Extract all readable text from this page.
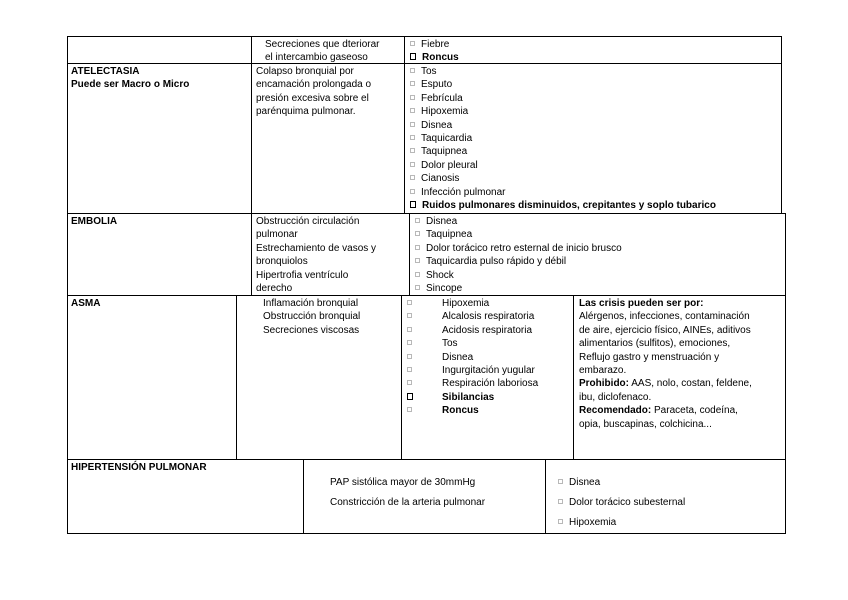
Secreciones que dteriorar
el intercambio gaseoso
Fiebre
Roncus
ATELECTASIA
Puede ser Macro o Micro
Colapso bronquial por
encamación prolongada o
presión excesiva sobre el
parénquima pulmonar.
Tos
Esputo
Febrícula
Hipoxemia
Disnea
Taquicardia
Taquipnea
Dolor pleural
Cianosis
Infección pulmonar
Ruidos pulmonares disminuidos, crepitantes y soplo tubarico
EMBOLIA	Obstrucción circulación
pulmonar
Estrechamiento de vasos y
bronquiolos
Hipertrofia ventrículo
derecho
Disnea
Taquipnea
Dolor torácico retro esternal de inicio brusco
Taquicardia pulso rápido y débil
Shock
Sincope
ASMA	Inflamación bronquial
Obstrucción bronquial
Secreciones viscosas
Hipoxemia
Alcalosis respiratoria
Acidosis respiratoria
Tos
Disnea
Ingurgitación yugular
Respiración laboriosa
Sibilancias
Roncus
Las crisis pueden ser por:
Alérgenos, infecciones, contaminación
de aire, ejercicio físico, AINEs, aditivos
alimentarios (sulfitos), emociones,
Reflujo gastro y menstruación y
embarazo.
Prohibido: AAS, nolo, costan, feldene,
ibu, diclofenaco.
Recomendado: Paraceta, codeína,
opia, buscapinas, colchicina...
HIPERTENSIÓN PULMONAR
PAP sistólica mayor de 30mmHg
Constricción de la arteria pulmonar
Disnea
Dolor torácico subesternal
Hipoxemia
